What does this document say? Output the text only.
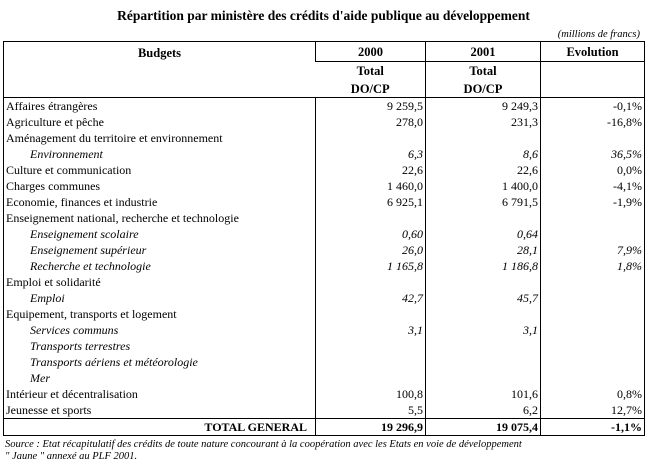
Répartition par ministère des crédits d'aide publique au développement
(millions de francs)
Budgets	2000	2001	Evolution
	Total	Total	
	DO/CP	DO/CP	
Affaires étrangères	9 259,5	9 249,3	-0,1%
Agriculture et pêche	278,0	231,3	-16,8%
Aménagement du territoire et environnement			
Environnement	6,3	8,6	36,5%
Culture et communication	22,6	22,6	0,0%
Charges communes	1 460,0	1 400,0	-4,1%
Economie, finances et industrie	6 925,1	6 791,5	-1,9%
Enseignement national, recherche et technologie			
Enseignement scolaire	0,60	0,64	
Enseignement supérieur	26,0	28,1	7,9%
Recherche et technologie	1 165,8	1 186,8	1,8%
Emploi et solidarité			
Emploi	42,7	45,7	
Equipement, transports et logement			
Services communs	3,1	3,1	
Transports terrestres			
Transports aériens et météorologie			
Mer			
Intérieur et décentralisation	100,8	101,6	0,8%
Jeunesse et sports	5,5	6,2	12,7%
TOTAL GENERAL	19 296,9	19 075,4	-1,1%
Source : Etat récapitulatif des crédits de toute nature concourant à la coopération avec les Etats en voie de développement
" Jaune " annexé au PLF 2001.
